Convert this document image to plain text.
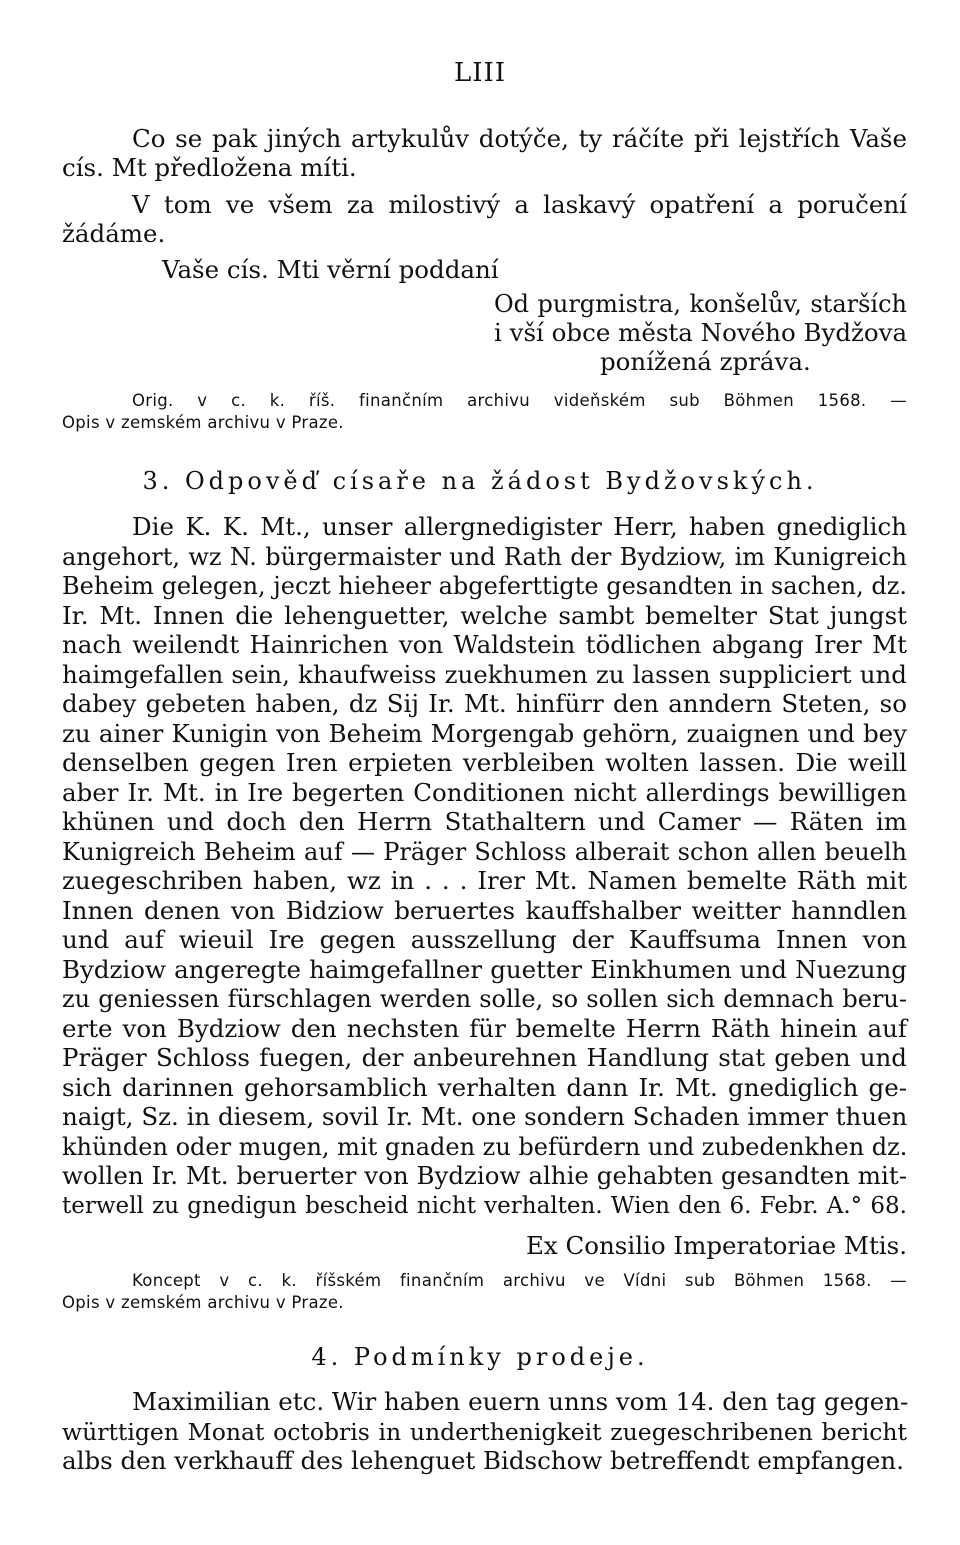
LIII
Co se pak jiných artykulův dotýče, ty ráčíte při lejstřích Vaše
cís. Mt předložena míti.
V tom ve všem za milostivý a laskavý opatření a poručení
žádáme.
Vaše cís. Mti věrní poddaní
Od purgmistra, konšelův, starších
i vší obce města Nového Bydžova
ponížená zpráva.
Orig. v c. k. říš. finančním archivu videňském sub Böhmen 1568. —
Opis v zemském archivu v Praze.
3. Odpověď císaře na žádost Bydžovských.
Die K. K. Mt., unser allergnedigister Herr, haben gnediglich
angehort, wz N. bürgermaister und Rath der Bydziow, im Kunigreich
Beheim gelegen, jeczt hieheer abgeferttigte gesandten in sachen, dz.
Ir. Mt. Innen die lehenguetter, welche sambt bemelter Stat jungst
nach weilendt Hainrichen von Waldstein tödlichen abgang Irer Mt
haimgefallen sein, khaufweiss zuekhumen zu lassen suppliciert und
dabey gebeten haben, dz Sij Ir. Mt. hinfürr den anndern Steten, so
zu ainer Kunigin von Beheim Morgengab gehörn, zuaignen und bey
denselben gegen Iren erpieten verbleiben wolten lassen. Die weill
aber Ir. Mt. in Ire begerten Conditionen nicht allerdings bewilligen
khünen und doch den Herrn Stathaltern und Camer — Räten im
Kunigreich Beheim auf — Präger Schloss alberait schon allen beuelh
zuegeschriben haben, wz in . . . Irer Mt. Namen bemelte Räth mit
Innen denen von Bidziow beruertes kauffshalber weitter hanndlen
und auf wieuil Ire gegen ausszellung der Kauffsuma Innen von
Bydziow angeregte haimgefallner guetter Einkhumen und Nuezung
zu geniessen fürschlagen werden solle, so sollen sich demnach beru-
erte von Bydziow den nechsten für bemelte Herrn Räth hinein auf
Präger Schloss fuegen, der anbeurehnen Handlung stat geben und
sich darinnen gehorsamblich verhalten dann Ir. Mt. gnediglich ge-
naigt, Sz. in diesem, sovil Ir. Mt. one sondern Schaden immer thuen
khünden oder mugen, mit gnaden zu befürdern und zubedenkhen dz.
wollen Ir. Mt. beruerter von Bydziow alhie gehabten gesandten mit-
terwell zu gnedigun bescheid nicht verhalten. Wien den 6. Febr. A.° 68.
Ex Consilio Imperatoriae Mtis.
Koncept v c. k. říšském finančním archivu ve Vídni sub Böhmen 1568. —
Opis v zemském archivu v Praze.
4. Podmínky prodeje.
Maximilian etc. Wir haben euern unns vom 14. den tag gegen-
württigen Monat octobris in underthenigkeit zuegeschribenen bericht
albs den verkhauff des lehenguet Bidschow betreffendt empfangen.
